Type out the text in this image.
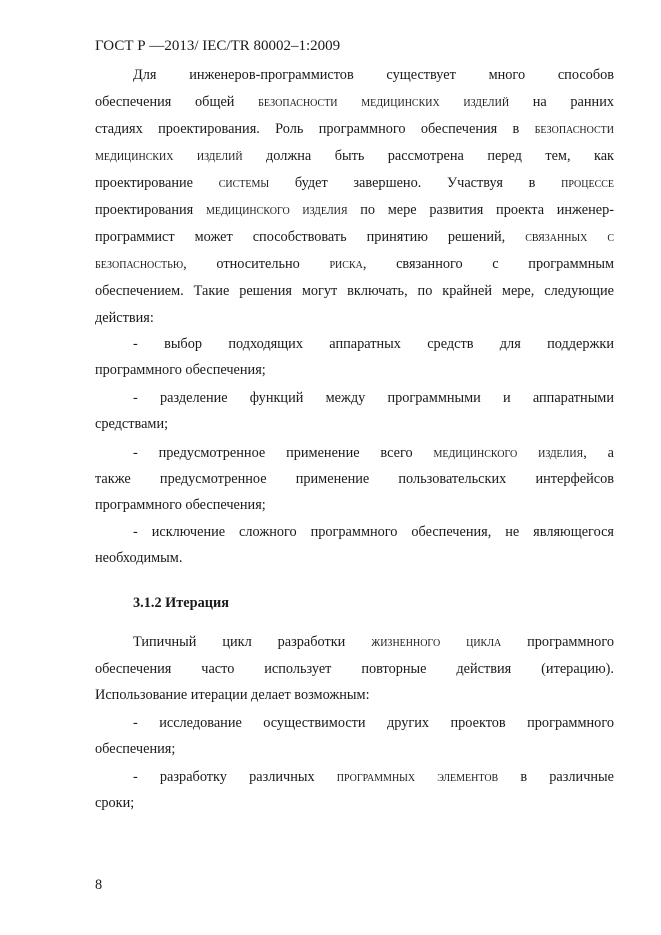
ГОСТ Р —2013/ IEC/TR 80002–1:2009
Для инженеров-программистов существует много способов
обеспечения общей безопасности медицинских изделий на ранних
стадиях проектирования. Роль программного обеспечения в безопасности
медицинских изделий должна быть рассмотрена перед тем, как
проектирование системы будет завершено. Участвуя в процессе
проектирования медицинского изделия по мере развития проекта инженер-
программист может способствовать принятию решений, связанных с
безопасностью, относительно риска, связанного с программным
обеспечением. Такие решения могут включать, по крайней мере, следующие
действия:
- выбор подходящих аппаратных средств для поддержки
программного обеспечения;
- разделение функций между программными и аппаратными
средствами;
- предусмотренное применение всего медицинского изделия, а
также предусмотренное применение пользовательских интерфейсов
программного обеспечения;
- исключение сложного программного обеспечения, не являющегося
необходимым.
3.1.2 Итерация
Типичный цикл разработки жизненного цикла программного
обеспечения часто использует повторные действия (итерацию).
Использование итерации делает возможным:
- исследование осуществимости других проектов программного
обеспечения;
- разработку различных программных элементов в различные
сроки;
8
